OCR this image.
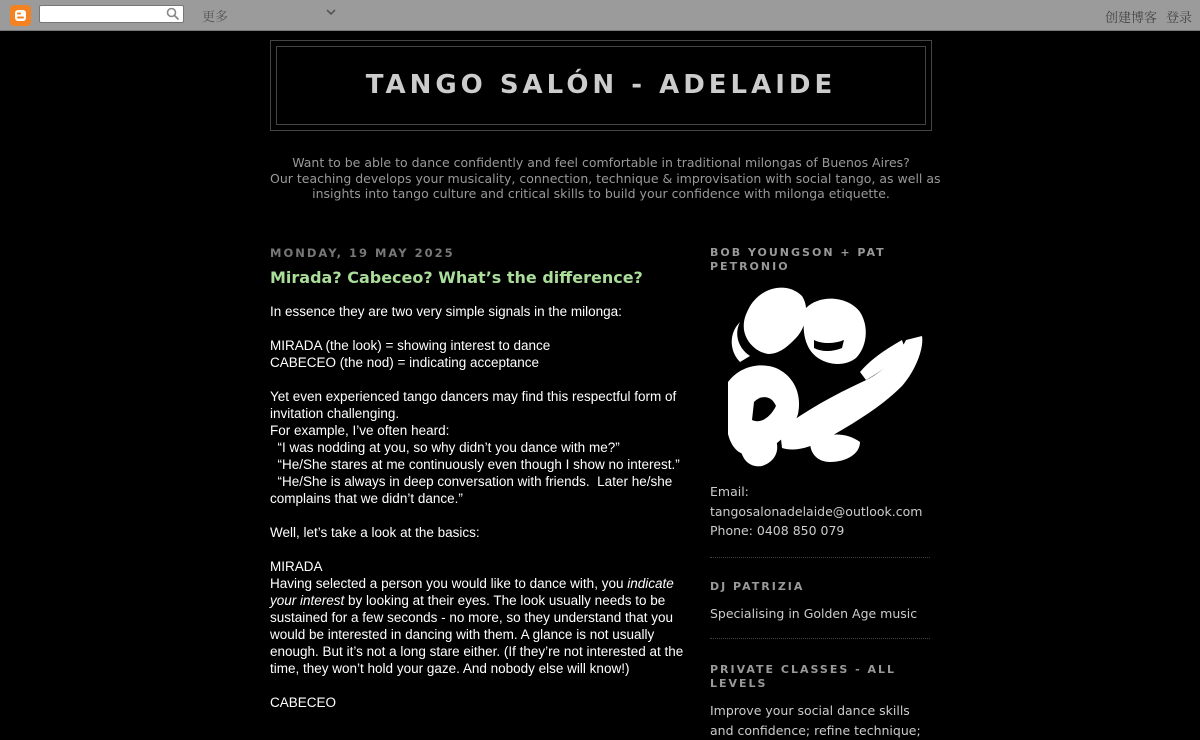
更多	创建博客 登录
TANGO SALÓN - ADELAIDE
Want to be able to dance confidently and feel comfortable in traditional milongas of Buenos Aires?
Our teaching develops your musicality, connection, technique & improvisation with social tango, as well as
insights into tango culture and critical skills to build your confidence with milonga etiquette.
MONDAY, 19 MAY 2025
Mirada? Cabeceo? What’s the difference?

In essence they are two very simple signals in the milonga:

MIRADA (the look) = showing interest to dance

CABECEO (the nod) = indicating acceptance

Yet even experienced tango dancers may find this respectful form of invitation challenging.

For example, I’ve often heard:

“I was nodding at you, so why didn’t you dance with me?”

“He/She stares at me continuously even though I show no interest.”

“He/She is always in deep conversation with friends.  Later he/she complains that we didn’t dance.”

Well, let’s take a look at the basics:

MIRADA

Having selected a person you would like to dance with, you indicate your interest by looking at their eyes. The look usually needs to be sustained for a few seconds - no more, so they understand that you would be interested in dancing with them. A glance is not usually enough. But it’s not a long stare either. (If they’re not interested at the time, they won’t hold your gaze. And nobody else will know!)

CABECEO

BOB YOUNGSON + PAT PETRONIO
Email:
tangosalonadelaide@outlook.com
Phone: 0408 850 079
DJ PATRIZIA
Specialising in Golden Age music
PRIVATE CLASSES - ALL LEVELS
Improve your social dance skills and confidence; refine technique;
